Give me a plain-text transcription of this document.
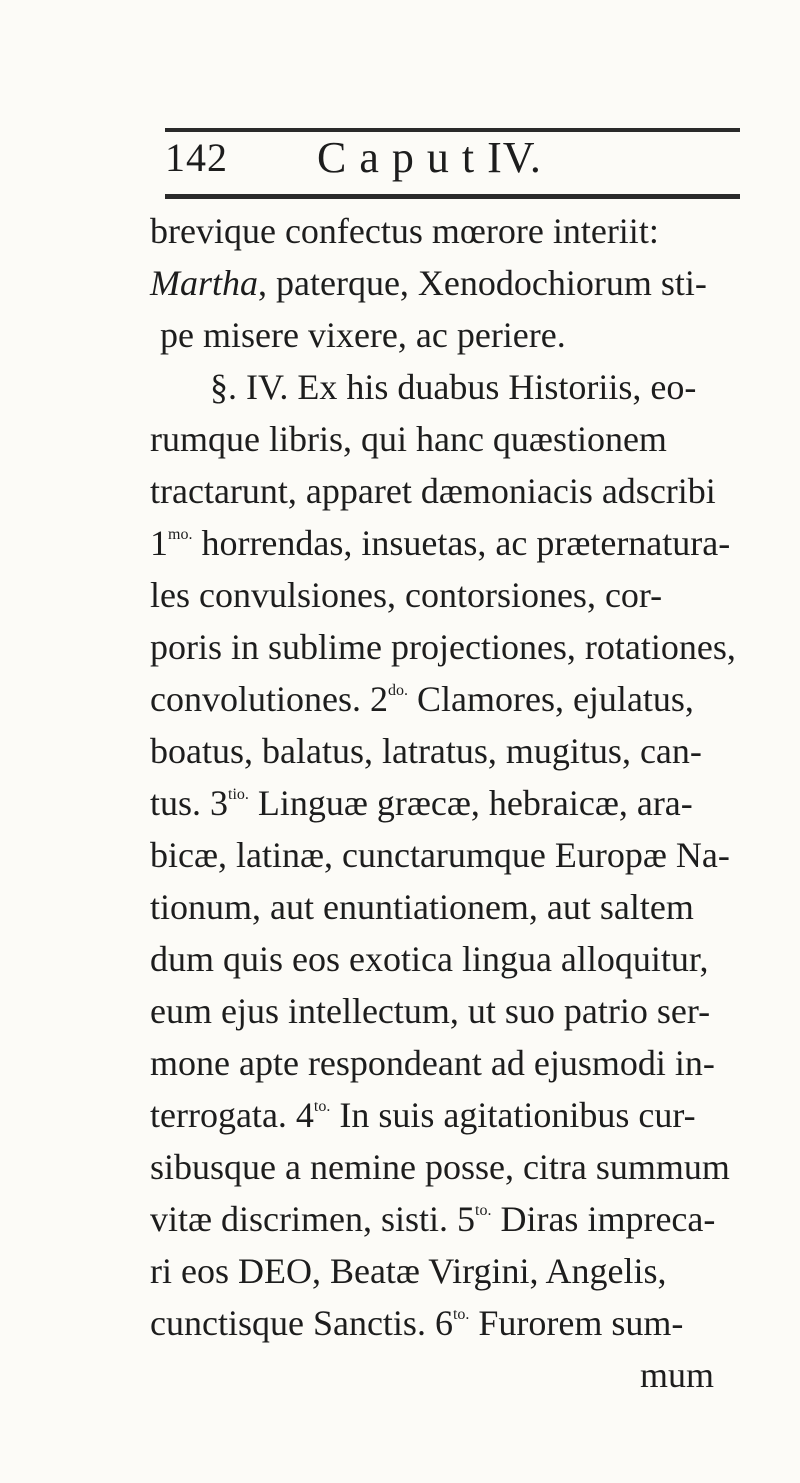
142 C a p u t IV.
brevique confectus mœrore interiit:
Martha, paterque, Xenodochiorum sti-
pe misere vixere, ac periere.
§. IV. Ex his duabus Historiis, eo-
rumque libris, qui hanc quæstionem
tractarunt, apparet dæmoniacis adscribi
$1^{mo.}$ horrendas, insuetas, ac præternatura-
les convulsiones, contorsiones, cor-
poris in sublime projectiones, rotationes,
convolutiones. $2^{do.}$ Clamores, ejulatus,
boatus, balatus, latratus, mugitus, can-
tus. $3^{tio.}$ Linguæ græcæ, hebraicæ, ara-
bicæ, latinæ, cunctarumque Europæ Na-
tionum, aut enuntiationem, aut saltem
dum quis eos exotica lingua alloquitur,
eum ejus intellectum, ut suo patrio ser-
mone apte respondeant ad ejusmodi in-
terrogata. $4^{to.}$ In suis agitationibus cur-
sibusque a nemine posse, citra summum
vitæ discrimen, sisti. $5^{to.}$ Diras impreca-
ri eos DEO, Beatæ Virgini, Angelis,
cunctisque Sanctis. $6^{to.}$ Furorem sum-
mum
